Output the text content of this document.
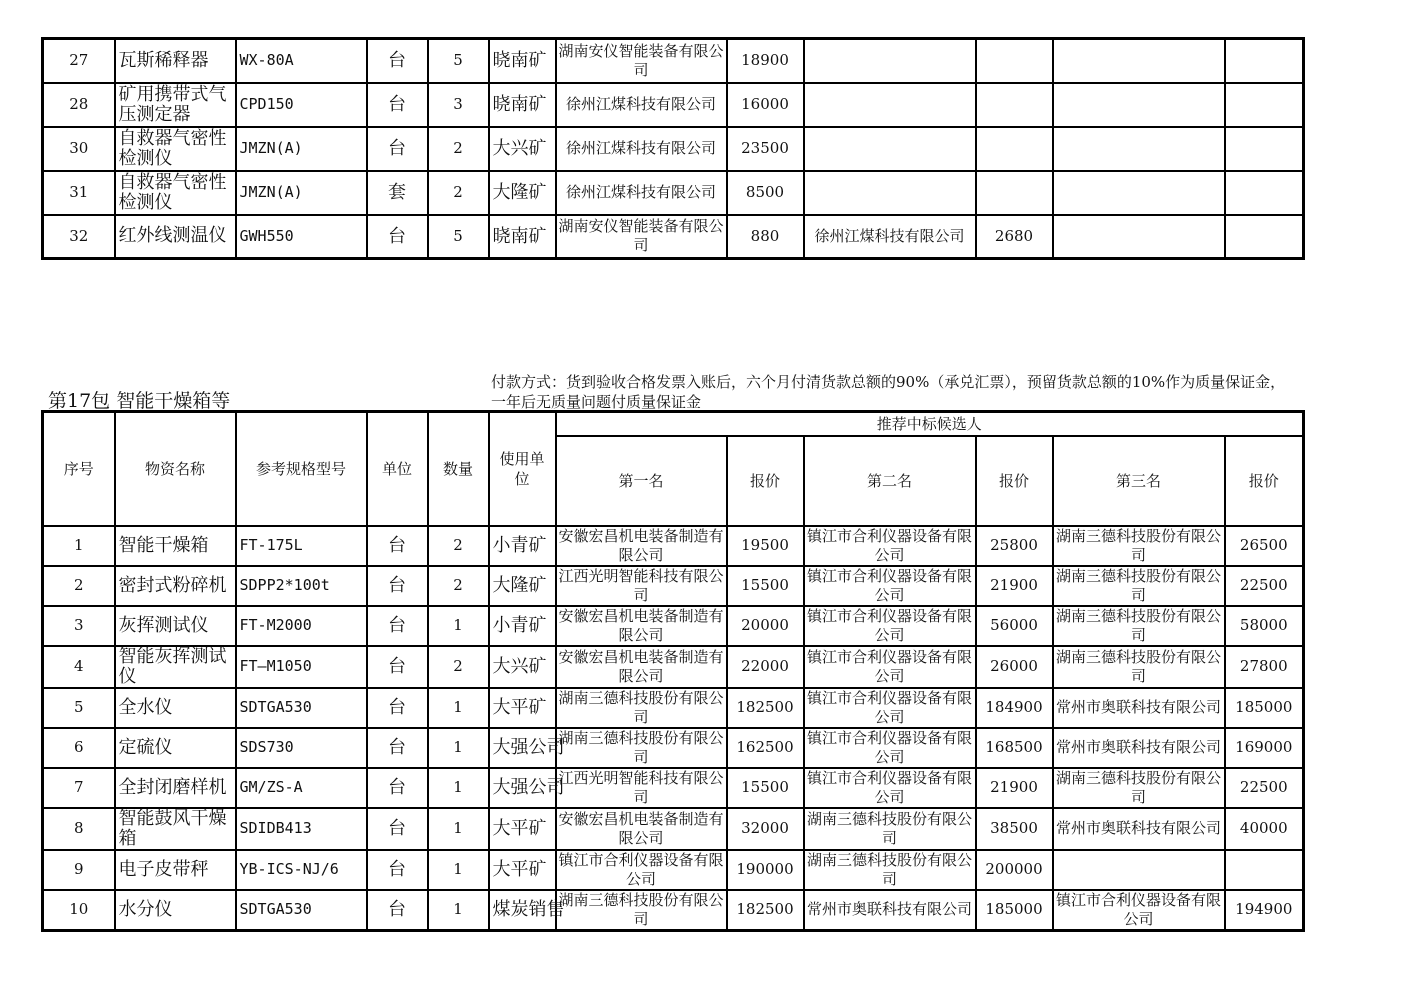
27	瓦斯稀释器	WX-80A	台	5	晓南矿	湖南安仪智能装备有限公司	18900				
28	矿用携带式气压测定器	CPD150	台	3	晓南矿	徐州江煤科技有限公司	16000				
30	自救器气密性检测仪	JMZN(A)	台	2	大兴矿	徐州江煤科技有限公司	23500				
31	自救器气密性检测仪	JMZN(A)	套	2	大隆矿	徐州江煤科技有限公司	8500				
32	红外线测温仪	GWH550	台	5	晓南矿	湖南安仪智能装备有限公司	880	徐州江煤科技有限公司	2680		
第17包 智能干燥箱等
付款方式：货到验收合格发票入账后，六个月付清货款总额的90%（承兑汇票），预留货款总额的10%作为质量保证金，一年后无质量问题付质量保证金
序号	物资名称	参考规格型号	单位	数量	使用单位	推荐中标候选人					
						第一名	报价	第二名	报价	第三名	报价
1	智能干燥箱	FT-175L	台	2	小青矿	安徽宏昌机电装备制造有限公司	19500	镇江市合利仪器设备有限公司	25800	湖南三德科技股份有限公司	26500
2	密封式粉碎机	SDPP2*100t	台	2	大隆矿	江西光明智能科技有限公司	15500	镇江市合利仪器设备有限公司	21900	湖南三德科技股份有限公司	22500
3	灰挥测试仪	FT-M2000	台	1	小青矿	安徽宏昌机电装备制造有限公司	20000	镇江市合利仪器设备有限公司	56000	湖南三德科技股份有限公司	58000
4	智能灰挥测试仪	FT—M1050	台	2	大兴矿	安徽宏昌机电装备制造有限公司	22000	镇江市合利仪器设备有限公司	26000	湖南三德科技股份有限公司	27800
5	全水仪	SDTGA530	台	1	大平矿	湖南三德科技股份有限公司	182500	镇江市合利仪器设备有限公司	184900	常州市奥联科技有限公司	185000
6	定硫仪	SDS730	台	1	大强公司	湖南三德科技股份有限公司	162500	镇江市合利仪器设备有限公司	168500	常州市奥联科技有限公司	169000
7	全封闭磨样机	GM/ZS-A	台	1	大强公司	江西光明智能科技有限公司	15500	镇江市合利仪器设备有限公司	21900	湖南三德科技股份有限公司	22500
8	智能鼓风干燥箱	SDIDB413	台	1	大平矿	安徽宏昌机电装备制造有限公司	32000	湖南三德科技股份有限公司	38500	常州市奥联科技有限公司	40000
9	电子皮带秤	YB-ICS-NJ/6	台	1	大平矿	镇江市合利仪器设备有限公司	190000	湖南三德科技股份有限公司	200000		
10	水分仪	SDTGA530	台	1	煤炭销售	湖南三德科技股份有限公司	182500	常州市奥联科技有限公司	185000	镇江市合利仪器设备有限公司	194900
